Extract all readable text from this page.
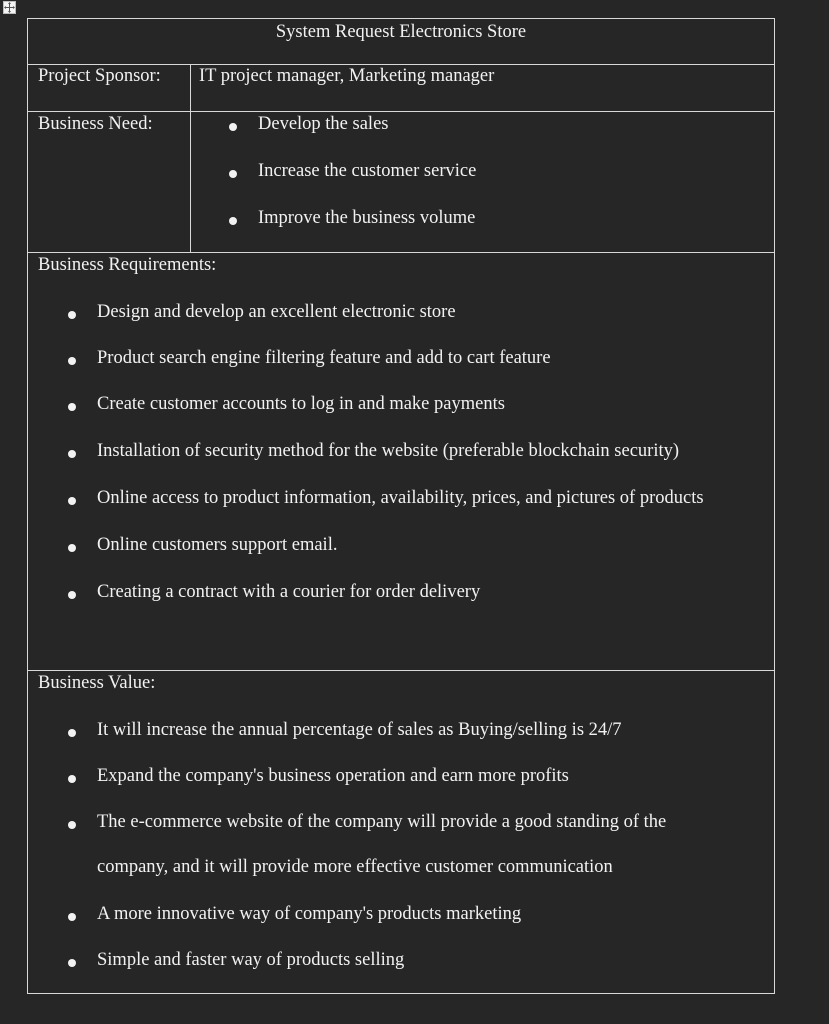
System Request Electronics Store
Project Sponsor: IT project manager, Marketing manager
Business Need:	Develop the sales
Increase the customer service
Improve the business volume
Business Requirements:
Design and develop an excellent electronic store
Product search engine filtering feature and add to cart feature
Create customer accounts to log in and make payments
Installation of security method for the website (preferable blockchain security)
Online access to product information, availability, prices, and pictures of products
Online customers support email.
Creating a contract with a courier for order delivery
Business Value:
It will increase the annual percentage of sales as Buying/selling is 24/7
Expand the company's business operation and earn more profits
The e-commerce website of the company will provide a good standing of the
company, and it will provide more effective customer communication
A more innovative way of company's products marketing
Simple and faster way of products selling
